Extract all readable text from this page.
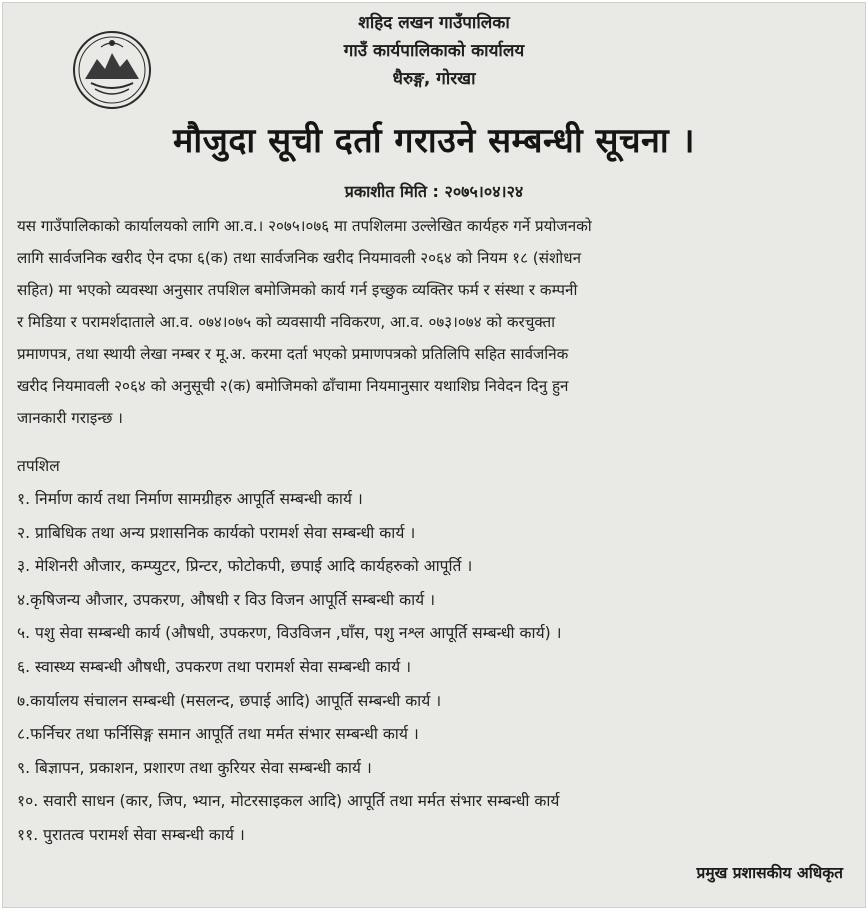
शहिद लखन गाउँपालिका
गाउँ कार्यपालिकाको कार्यालय
धैरुङ्ग, गोरखा
मौजुदा सूची दर्ता गराउने सम्बन्धी सूचना ।
प्रकाशीत मिति : २०७५।०४।२४
यस गाउँपालिकाको कार्यालयको लागि आ.व.। २०७५।०७६ मा तपशिलमा उल्लेखित कार्यहरु गर्ने प्रयोजनको
लागि सार्वजनिक खरीद ऐन दफा ६(क) तथा सार्वजनिक खरीद नियमावली २०६४ को नियम १८ (संशोधन
सहित) मा भएको व्यवस्था अनुसार तपशिल बमोजिमको कार्य गर्न इच्छुक व्यक्तिर फर्म र संस्था र कम्पनी
र मिडिया र परामर्शदाताले आ.व. ०७४।०७५ को व्यवसायी नविकरण, आ.व. ०७३।०७४ को करचुक्ता
प्रमाणपत्र, तथा स्थायी लेखा नम्बर र मू.अ. करमा दर्ता भएको प्रमाणपत्रको प्रतिलिपि सहित सार्वजनिक
खरीद नियमावली २०६४ को अनुसूची २(क) बमोजिमको ढाँचामा नियमानुसार यथाशिघ्र निवेदन दिनु हुन
जानकारी गराइन्छ ।
तपशिल
१. निर्माण कार्य तथा निर्माण सामग्रीहरु आपूर्ति सम्बन्धी कार्य ।
२. प्राबिधिक तथा अन्य प्रशासनिक कार्यको परामर्श सेवा सम्बन्धी कार्य ।
३. मेशिनरी औजार, कम्प्युटर, प्रिन्टर, फोटोकपी, छपाई आदि कार्यहरुको आपूर्ति ।
४.कृषिजन्य औजार, उपकरण, औषधी र विउ विजन आपूर्ति सम्बन्धी कार्य ।
५. पशु सेवा सम्बन्धी कार्य (औषधी, उपकरण, विउविजन ,घाँस, पशु नश्ल आपूर्ति सम्बन्धी कार्य) ।
६. स्वास्थ्य सम्बन्धी औषधी, उपकरण तथा परामर्श सेवा सम्बन्धी कार्य ।
७.कार्यालय संचालन सम्बन्धी (मसलन्द, छपाई आदि) आपूर्ति सम्बन्धी कार्य ।
८.फर्निचर तथा फर्निसिङ्ग समान आपूर्ति तथा मर्मत संभार सम्बन्धी कार्य ।
९. बिज्ञापन, प्रकाशन, प्रशारण तथा कुरियर सेवा सम्बन्धी कार्य ।
१०. सवारी साधन (कार, जिप, भ्यान, मोटरसाइकल आदि) आपूर्ति तथा मर्मत संभार सम्बन्धी कार्य
११. पुरातत्व परामर्श सेवा सम्बन्धी कार्य ।
प्रमुख प्रशासकीय अधिकृत
